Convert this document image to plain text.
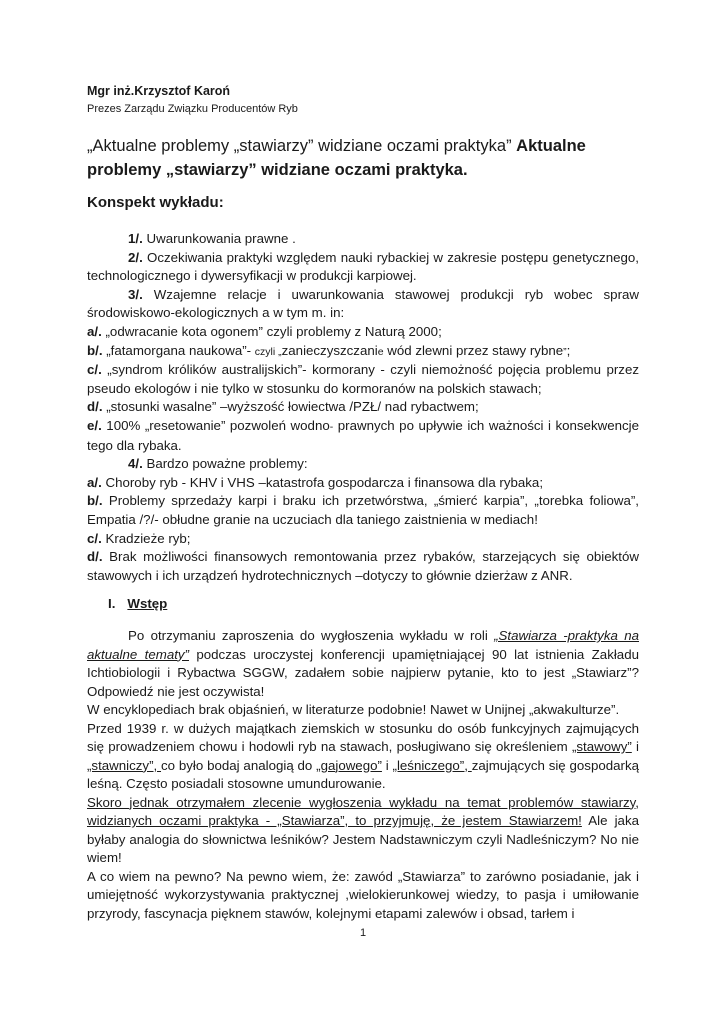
Mgr inż.Krzysztof Karoń
Prezes Zarządu Związku Producentów Ryb
„Aktualne problemy „stawiarzy” widziane oczami praktyka” Aktualne problemy „stawiarzy” widziane oczami praktyka.
Konspekt wykładu:

1/. Uwarunkowania prawne .

2/. Oczekiwania praktyki względem nauki rybackiej w zakresie postępu genetycznego, technologicznego i dywersyfikacji w produkcji karpiowej.

3/. Wzajemne relacje i uwarunkowania stawowej produkcji ryb wobec spraw środowiskowo-ekologicznych a w tym m. in:

a/. „odwracanie kota ogonem” czyli problemy z Naturą 2000;

b/. „fatamorgana naukowa”- czyli „zanieczyszczanie wód zlewni przez stawy rybne”;

c/. „syndrom królików australijskich”- kormorany - czyli niemożność pojęcia problemu przez pseudo ekologów i nie tylko w stosunku do kormoranów na polskich stawach;

d/. „stosunki wasalne” –wyższość łowiectwa /PZŁ/ nad rybactwem;

e/. 100% „resetowanie” pozwoleń wodno- prawnych po upływie ich ważności i konsekwencje tego dla rybaka.

4/. Bardzo poważne problemy:

a/. Choroby ryb - KHV i VHS –katastrofa gospodarcza i finansowa dla rybaka;

b/. Problemy sprzedaży karpi i braku ich przetwórstwa, „śmierć karpia”, „torebka foliowa”, Empatia /?/- obłudne granie na uczuciach dla taniego zaistnienia w mediach!

c/. Kradzieże ryb;

d/. Brak możliwości finansowych remontowania przez rybaków, starzejących się obiektów stawowych i ich urządzeń hydrotechnicznych –dotyczy to głównie dzierżaw z ANR.

I. Wstęp

Po otrzymaniu zaproszenia do wygłoszenia wykładu w roli „Stawiarza -praktyka na aktualne tematy” podczas uroczystej konferencji upamiętniającej 90 lat istnienia Zakładu Ichtiobiologii i Rybactwa SGGW, zadałem sobie najpierw pytanie, kto to jest „Stawiarz”? Odpowiedź nie jest oczywista!

W encyklopediach brak objaśnień, w literaturze podobnie! Nawet w Unijnej „akwakulturze”.

Przed 1939 r. w dużych majątkach ziemskich w stosunku do osób funkcyjnych zajmujących się prowadzeniem chowu i hodowli ryb na stawach, posługiwano się określeniem „stawowy” i „stawniczy”, co było bodaj analogią do „gajowego” i „leśniczego”, zajmujących się gospodarką leśną. Często posiadali stosowne umundurowanie.

Skoro jednak otrzymałem zlecenie wygłoszenia wykładu na temat problemów stawiarzy, widzianych oczami praktyka - „Stawiarza”, to przyjmuję, że jestem Stawiarzem! Ale jaka byłaby analogia do słownictwa leśników? Jestem Nadstawniczym czyli Nadleśniczym? No nie wiem!

A co wiem na pewno? Na pewno wiem, że: zawód „Stawiarza” to zarówno posiadanie, jak i umiejętność wykorzystywania praktycznej ,wielokierunkowej wiedzy, to pasja i umiłowanie przyrody, fascynacja pięknem stawów, kolejnymi etapami zalewów i obsad, tarłem i

1
